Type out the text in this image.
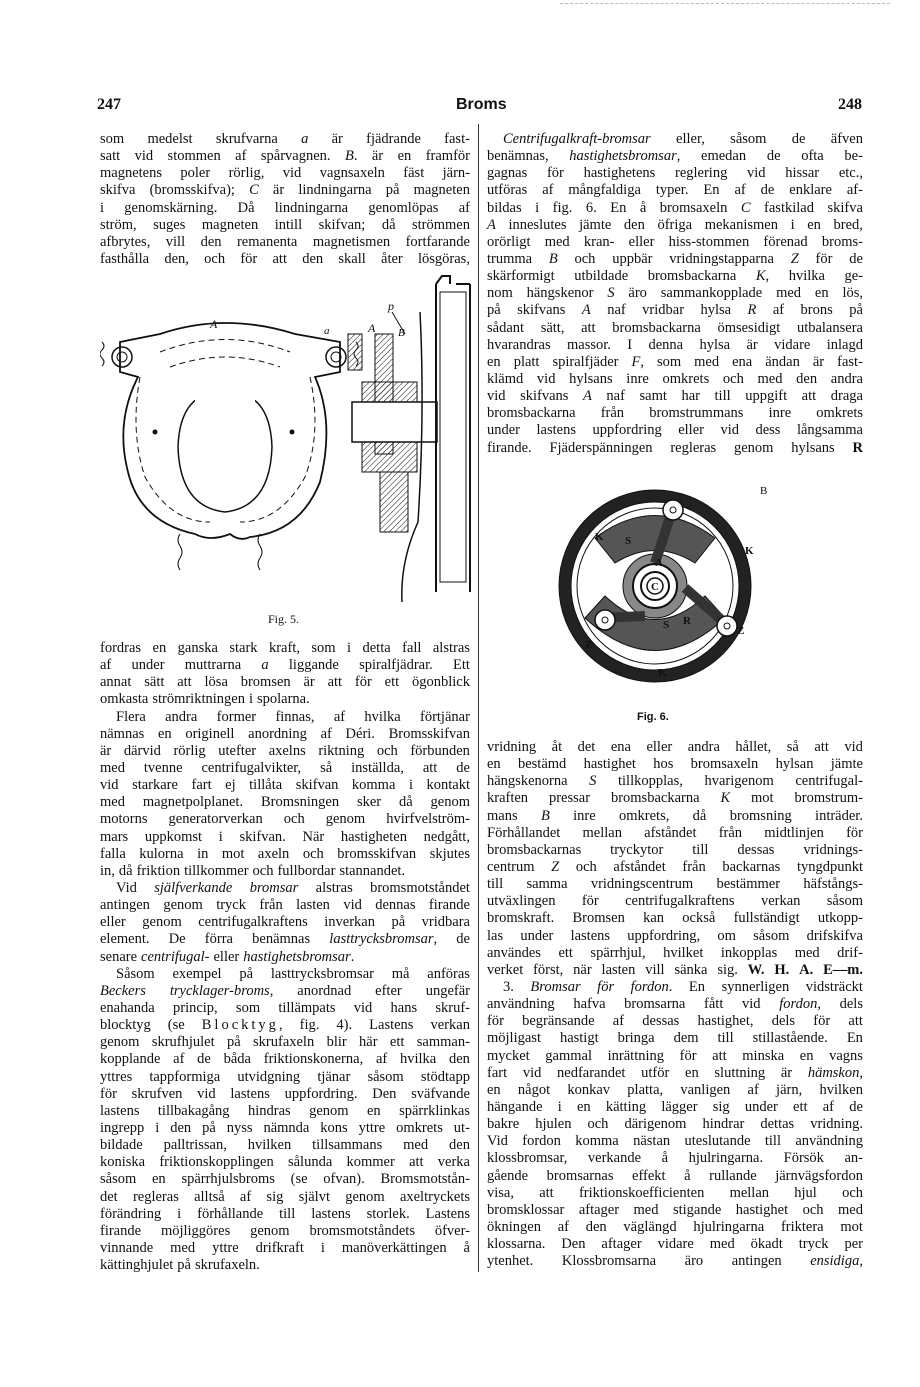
247	Broms	248
som medelst skrufvarna a är fjädrande fast-
satt vid stommen af spårvagnen. B. är en framför
magnetens poler rörlig, vid vagnsaxeln fäst järn-
skifva (bromsskifva); C är lindningarna på magneten
i genomskärning. Då lindningarna genomlöpas af
ström, suges magneten intill skifvan; då strömmen
afbrytes, vill den remanenta magnetismen fortfarande
fasthålla den, och för att den skall åter lösgöras,
fordras en ganska stark kraft, som i detta fall alstras
af under muttrarna a liggande spiralfjädrar. Ett
annat sätt att lösa bromsen är att för ett ögonblick
omkasta strömriktningen i spolarna.
Flera andra former finnas, af hvilka förtjänar
nämnas en originell anordning af Déri. Bromsskifvan
är därvid rörlig utefter axelns riktning och förbunden
med tvenne centrifugalvikter, så inställda, att de
vid starkare fart ej tillåta skifvan komma i kontakt
med magnetpolplanet. Bromsningen sker då genom
motorns generatorverkan och genom hvirfvelström-
mars uppkomst i skifvan. När hastigheten nedgått,
falla kulorna in mot axeln och bromsskifvan skjutes
in, då friktion tillkommer och fullbordar stannandet.
Vid själfverkande bromsar alstras bromsmotståndet
antingen genom tryck från lasten vid dennas firande
eller genom centrifugalkraftens inverkan på vridbara
element. De förra benämnas lasttrycksbromsar, de
senare centrifugal- eller hastighetsbromsar.
Såsom exempel på lasttrycksbromsar må anföras
Beckers trycklager-broms, anordnad efter ungefär
enahanda princip, som tillämpats vid hans skruf-
blocktyg (se Blocktyg, fig. 4). Lastens verkan
genom skrufhjulet på skrufaxeln blir här ett samman-
kopplande af de båda friktionskonerna, af hvilka den
yttres tappformiga utvidgning tjänar såsom stödtapp
för skrufven vid lastens uppfordring. Den sväfvande
lastens tillbakagång hindras genom en spärrklinkas
ingrepp i den på nyss nämnda kons yttre omkrets ut-
bildade palltrissan, hvilken tillsammans med den
koniska friktionskopplingen sålunda kommer att verka
såsom en spärrhjulsbroms (se ofvan). Bromsmotstån-
det regleras alltså af sig självt genom axeltryckets
förändring i förhållande till lastens storlek. Lastens
firande möjliggöres genom bromsmotståndets öfver-
vinnande med yttre drifkraft i manöverkättingen å
kättinghjulet på skrufaxeln.
Centrifugalkraft-bromsar eller, såsom de äfven
benämnas, hastighetsbromsar, emedan de ofta be-
gagnas för hastighetens reglering vid hissar etc.,
utföras af mångfaldiga typer. En af de enklare af-
bildas i fig. 6. En å bromsaxeln C fastkilad skifva
A inneslutes jämte den öfriga mekanismen i en bred,
orörligt med kran- eller hiss-stommen förenad broms-
trumma B och uppbär vridningstapparna Z för de
skärformigt utbildade bromsbackarna K, hvilka ge-
nom hängskenor S äro sammankopplade med en lös,
på skifvans A naf vridbar hylsa R af brons på
sådant sätt, att bromsbackarna ömsesidigt utbalansera
hvarandras massor. I denna hylsa är vidare inlagd
en platt spiralfjäder F, som med ena ändan är fast-
klämd vid hylsans inre omkrets och med den andra
vid skifvans A naf samt har till uppgift att draga
bromsbackarna från bromstrummans inre omkrets
under lastens uppfordring eller vid dess långsamma
firande. Fjäderspänningen regleras genom hylsans R
vridning åt det ena eller andra hållet, så att vid
en bestämd hastighet hos bromsaxeln hylsan jämte
hängskenorna S tillkopplas, hvarigenom centrifugal-
kraften pressar bromsbackarna K mot bromstrum-
mans B inre omkrets, då bromsning inträder.
Förhållandet mellan afståndet från midtlinjen för
bromsbackarnas tryckytor till dessas vridnings-
centrum Z och afståndet från backarnas tyngdpunkt
till samma vridningscentrum bestämmer häfstångs-
utväxlingen för centrifugalkraftens verkan såsom
bromskraft. Bromsen kan också fullständigt utkopp-
las under lastens uppfordring, om såsom drifskifva
användes ett spärrhjul, hvilket inkopplas med drif-
verket först, när lasten vill sänka sig. W. H. A. E—m.
3. Bromsar för fordon. En synnerligen vidsträckt
användning hafva bromsarna fått vid fordon, dels
för begränsande af dessas hastighet, dels för att
möjligast hastigt bringa dem till stillastående. En
mycket gammal inrättning för att minska en vagns
fart vid nedfarandet utför en sluttning är hämskon,
en något konkav platta, vanligen af järn, hvilken
hängande i en kätting lägger sig under ett af de
bakre hjulen och därigenom hindrar dettas vridning.
Vid fordon komma nästan uteslutande till användning
klossbromsar, verkande å hjulringarna. Försök an-
gående bromsarnas effekt å rullande järnvägsfordon
visa, att friktionskoefficienten mellan hjul och
bromsklossar aftager med stigande hastighet och med
ökningen af den väglängd hjulringarna friktera mot
klossarna. Den aftager vidare med ökadt tryck per
ytenhet. Klossbromsarna äro antingen ensidiga,
A	a	A B
p
Fig. 5.
Z
B
K
K
S
A
C
S R
K
Z
Z
Fig. 6.
